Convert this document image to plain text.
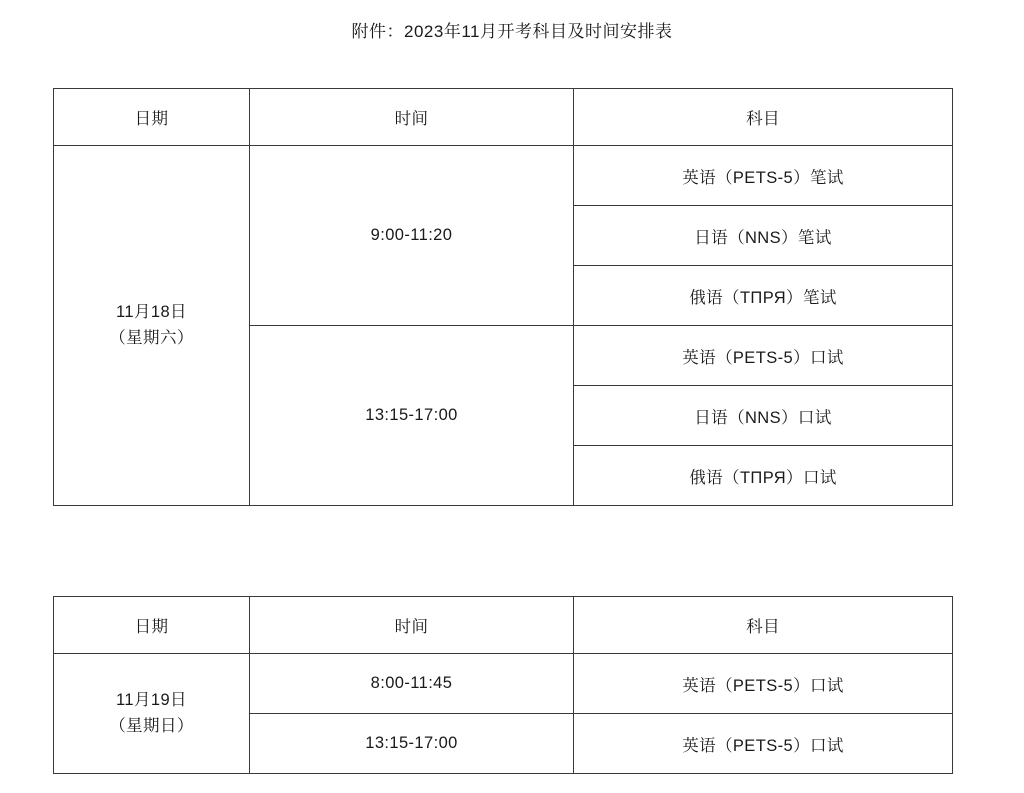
附件：2023年11月开考科目及时间安排表
日期	时间	科目
11月18日
（星期六）	9:00-11:20	英语（PETS-5）笔试
		日语（NNS）笔试
		俄语（ТПРЯ）笔试
	13:15-17:00	英语（PETS-5）口试
		日语（NNS）口试
		俄语（ТПРЯ）口试
日期	时间	科目
11月19日
（星期日）	8:00-11:45	英语（PETS-5）口试
	13:15-17:00	英语（PETS-5）口试
